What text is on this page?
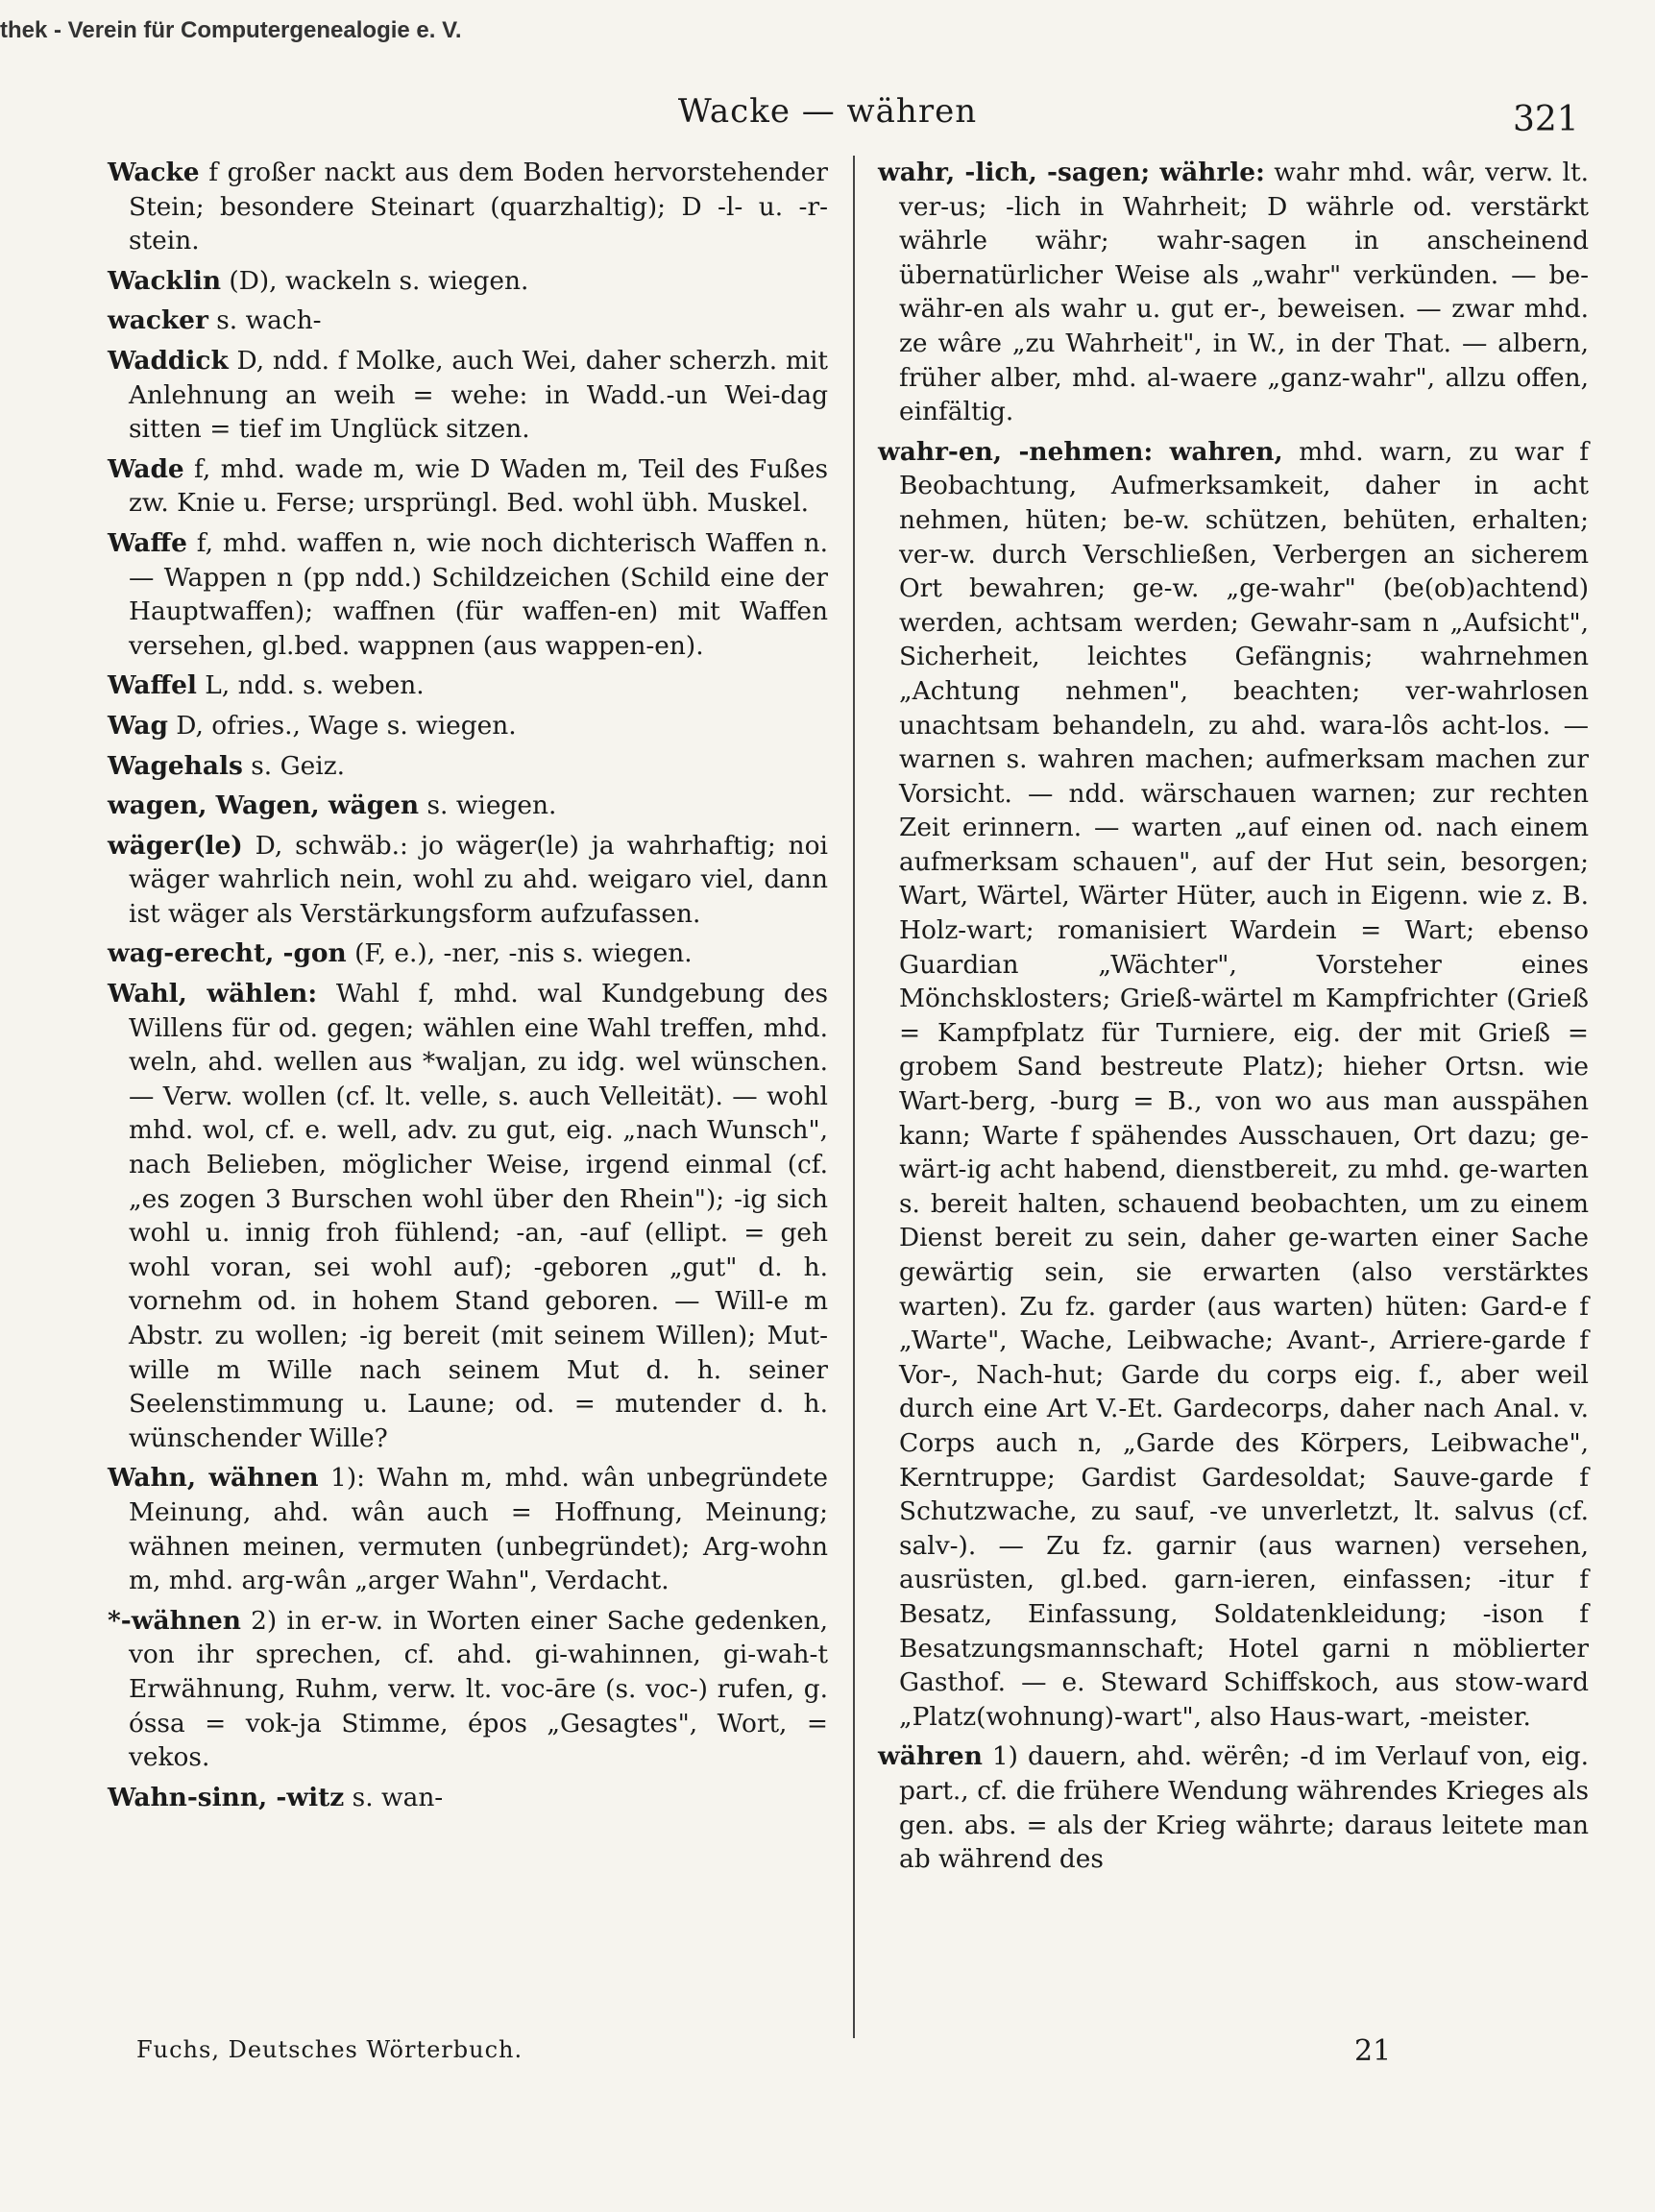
thek - Verein für Computergenealogie e. V.
Wacke — währen	321

Wacke f großer nackt aus dem Boden hervorstehender Stein; besondere Steinart (quarzhaltig); D -l- u. -r-stein.

Wacklin (D), wackeln s. wiegen.

wacker s. wach-

Waddick D, ndd. f Molke, auch Wei, daher scherzh. mit Anlehnung an weih = wehe: in Wadd.-un Wei-dag sitten = tief im Unglück sitzen.

Wade f, mhd. wade m, wie D Waden m, Teil des Fußes zw. Knie u. Ferse; ursprüngl. Bed. wohl übh. Muskel.

Waffe f, mhd. waffen n, wie noch dichterisch Waffen n. — Wappen n (pp ndd.) Schildzeichen (Schild eine der Hauptwaffen); waffnen (für waffen-en) mit Waffen versehen, gl.bed. wappnen (aus wappen-en).

Waffel L, ndd. s. weben.

Wag D, ofries., Wage s. wiegen.

Wagehals s. Geiz.

wagen, Wagen, wägen s. wiegen.

wäger(le) D, schwäb.: jo wäger(le) ja wahrhaftig; noi wäger wahrlich nein, wohl zu ahd. weigaro viel, dann ist wäger als Verstärkungsform aufzufassen.

wag-erecht, -gon (F, e.), -ner, -nis s. wiegen.

Wahl, wählen: Wahl f, mhd. wal Kundgebung des Willens für od. gegen; wählen eine Wahl treffen, mhd. weln, ahd. wellen aus *waljan, zu idg. wel wünschen. — Verw. wollen (cf. lt. velle, s. auch Velleität). — wohl mhd. wol, cf. e. well, adv. zu gut, eig. „nach Wunsch", nach Belieben, möglicher Weise, irgend einmal (cf. „es zogen 3 Burschen wohl über den Rhein"); -ig sich wohl u. innig froh fühlend; -an, -auf (ellipt. = geh wohl voran, sei wohl auf); -geboren „gut" d. h. vornehm od. in hohem Stand geboren. — Will-e m Abstr. zu wollen; -ig bereit (mit seinem Willen); Mut-wille m Wille nach seinem Mut d. h. seiner Seelenstimmung u. Laune; od. = mutender d. h. wünschender Wille?

Wahn, wähnen 1): Wahn m, mhd. wân unbegründete Meinung, ahd. wân auch = Hoffnung, Meinung; wähnen meinen, vermuten (unbegründet); Arg-wohn m, mhd. arg-wân „arger Wahn", Verdacht.

*-wähnen 2) in er-w. in Worten einer Sache gedenken, von ihr sprechen, cf. ahd. gi-wahinnen, gi-wah-t Erwähnung, Ruhm, verw. lt. voc-āre (s. voc-) rufen, g. óssa = vok-ja Stimme, épos „Gesagtes", Wort, = vekos.

Wahn-sinn, -witz s. wan-

wahr, -lich, -sagen; währle: wahr mhd. wâr, verw. lt. ver-us; -lich in Wahrheit; D währle od. verstärkt währle währ; wahr-sagen in anscheinend übernatürlicher Weise als „wahr" verkünden. — be-währ-en als wahr u. gut er-, beweisen. — zwar mhd. ze wâre „zu Wahrheit", in W., in der That. — albern, früher alber, mhd. al-waere „ganz-wahr", allzu offen, einfältig.

wahr-en, -nehmen: wahren, mhd. warn, zu war f Beobachtung, Aufmerksamkeit, daher in acht nehmen, hüten; be-w. schützen, behüten, erhalten; ver-w. durch Verschließen, Verbergen an sicherem Ort bewahren; ge-w. „ge-wahr" (be(ob)achtend) werden, achtsam werden; Gewahr-sam n „Aufsicht", Sicherheit, leichtes Gefängnis; wahrnehmen „Achtung nehmen", beachten; ver-wahrlosen unachtsam behandeln, zu ahd. wara-lôs acht-los. — warnen s. wahren machen; aufmerksam machen zur Vorsicht. — ndd. wärschauen warnen; zur rechten Zeit erinnern. — warten „auf einen od. nach einem aufmerksam schauen", auf der Hut sein, besorgen; Wart, Wärtel, Wärter Hüter, auch in Eigenn. wie z. B. Holz-wart; romanisiert Wardein = Wart; ebenso Guardian „Wächter", Vorsteher eines Mönchsklosters; Grieß-wärtel m Kampfrichter (Grieß = Kampfplatz für Turniere, eig. der mit Grieß = grobem Sand bestreute Platz); hieher Ortsn. wie Wart-berg, -burg = B., von wo aus man ausspähen kann; Warte f spähendes Ausschauen, Ort dazu; ge-wärt-ig acht habend, dienstbereit, zu mhd. ge-warten s. bereit halten, schauend beobachten, um zu einem Dienst bereit zu sein, daher ge-warten einer Sache gewärtig sein, sie erwarten (also verstärktes warten). Zu fz. garder (aus warten) hüten: Gard-e f „Warte", Wache, Leibwache; Avant-, Arriere-garde f Vor-, Nach-hut; Garde du corps eig. f., aber weil durch eine Art V.-Et. Gardecorps, daher nach Anal. v. Corps auch n, „Garde des Körpers, Leibwache", Kerntruppe; Gardist Gardesoldat; Sauve-garde f Schutzwache, zu sauf, -ve unverletzt, lt. salvus (cf. salv-). — Zu fz. garnir (aus warnen) versehen, ausrüsten, gl.bed. garn-ieren, einfassen; -itur f Besatz, Einfassung, Soldatenkleidung; -ison f Besatzungsmannschaft; Hotel garni n möblierter Gasthof. — e. Steward Schiffskoch, aus stow-ward „Platz(wohnung)-wart", also Haus-wart, -meister.

währen 1) dauern, ahd. wërên; -d im Verlauf von, eig. part., cf. die frühere Wendung währendes Krieges als gen. abs. = als der Krieg währte; daraus leitete man ab während des

Fuchs, Deutsches Wörterbuch.	21
